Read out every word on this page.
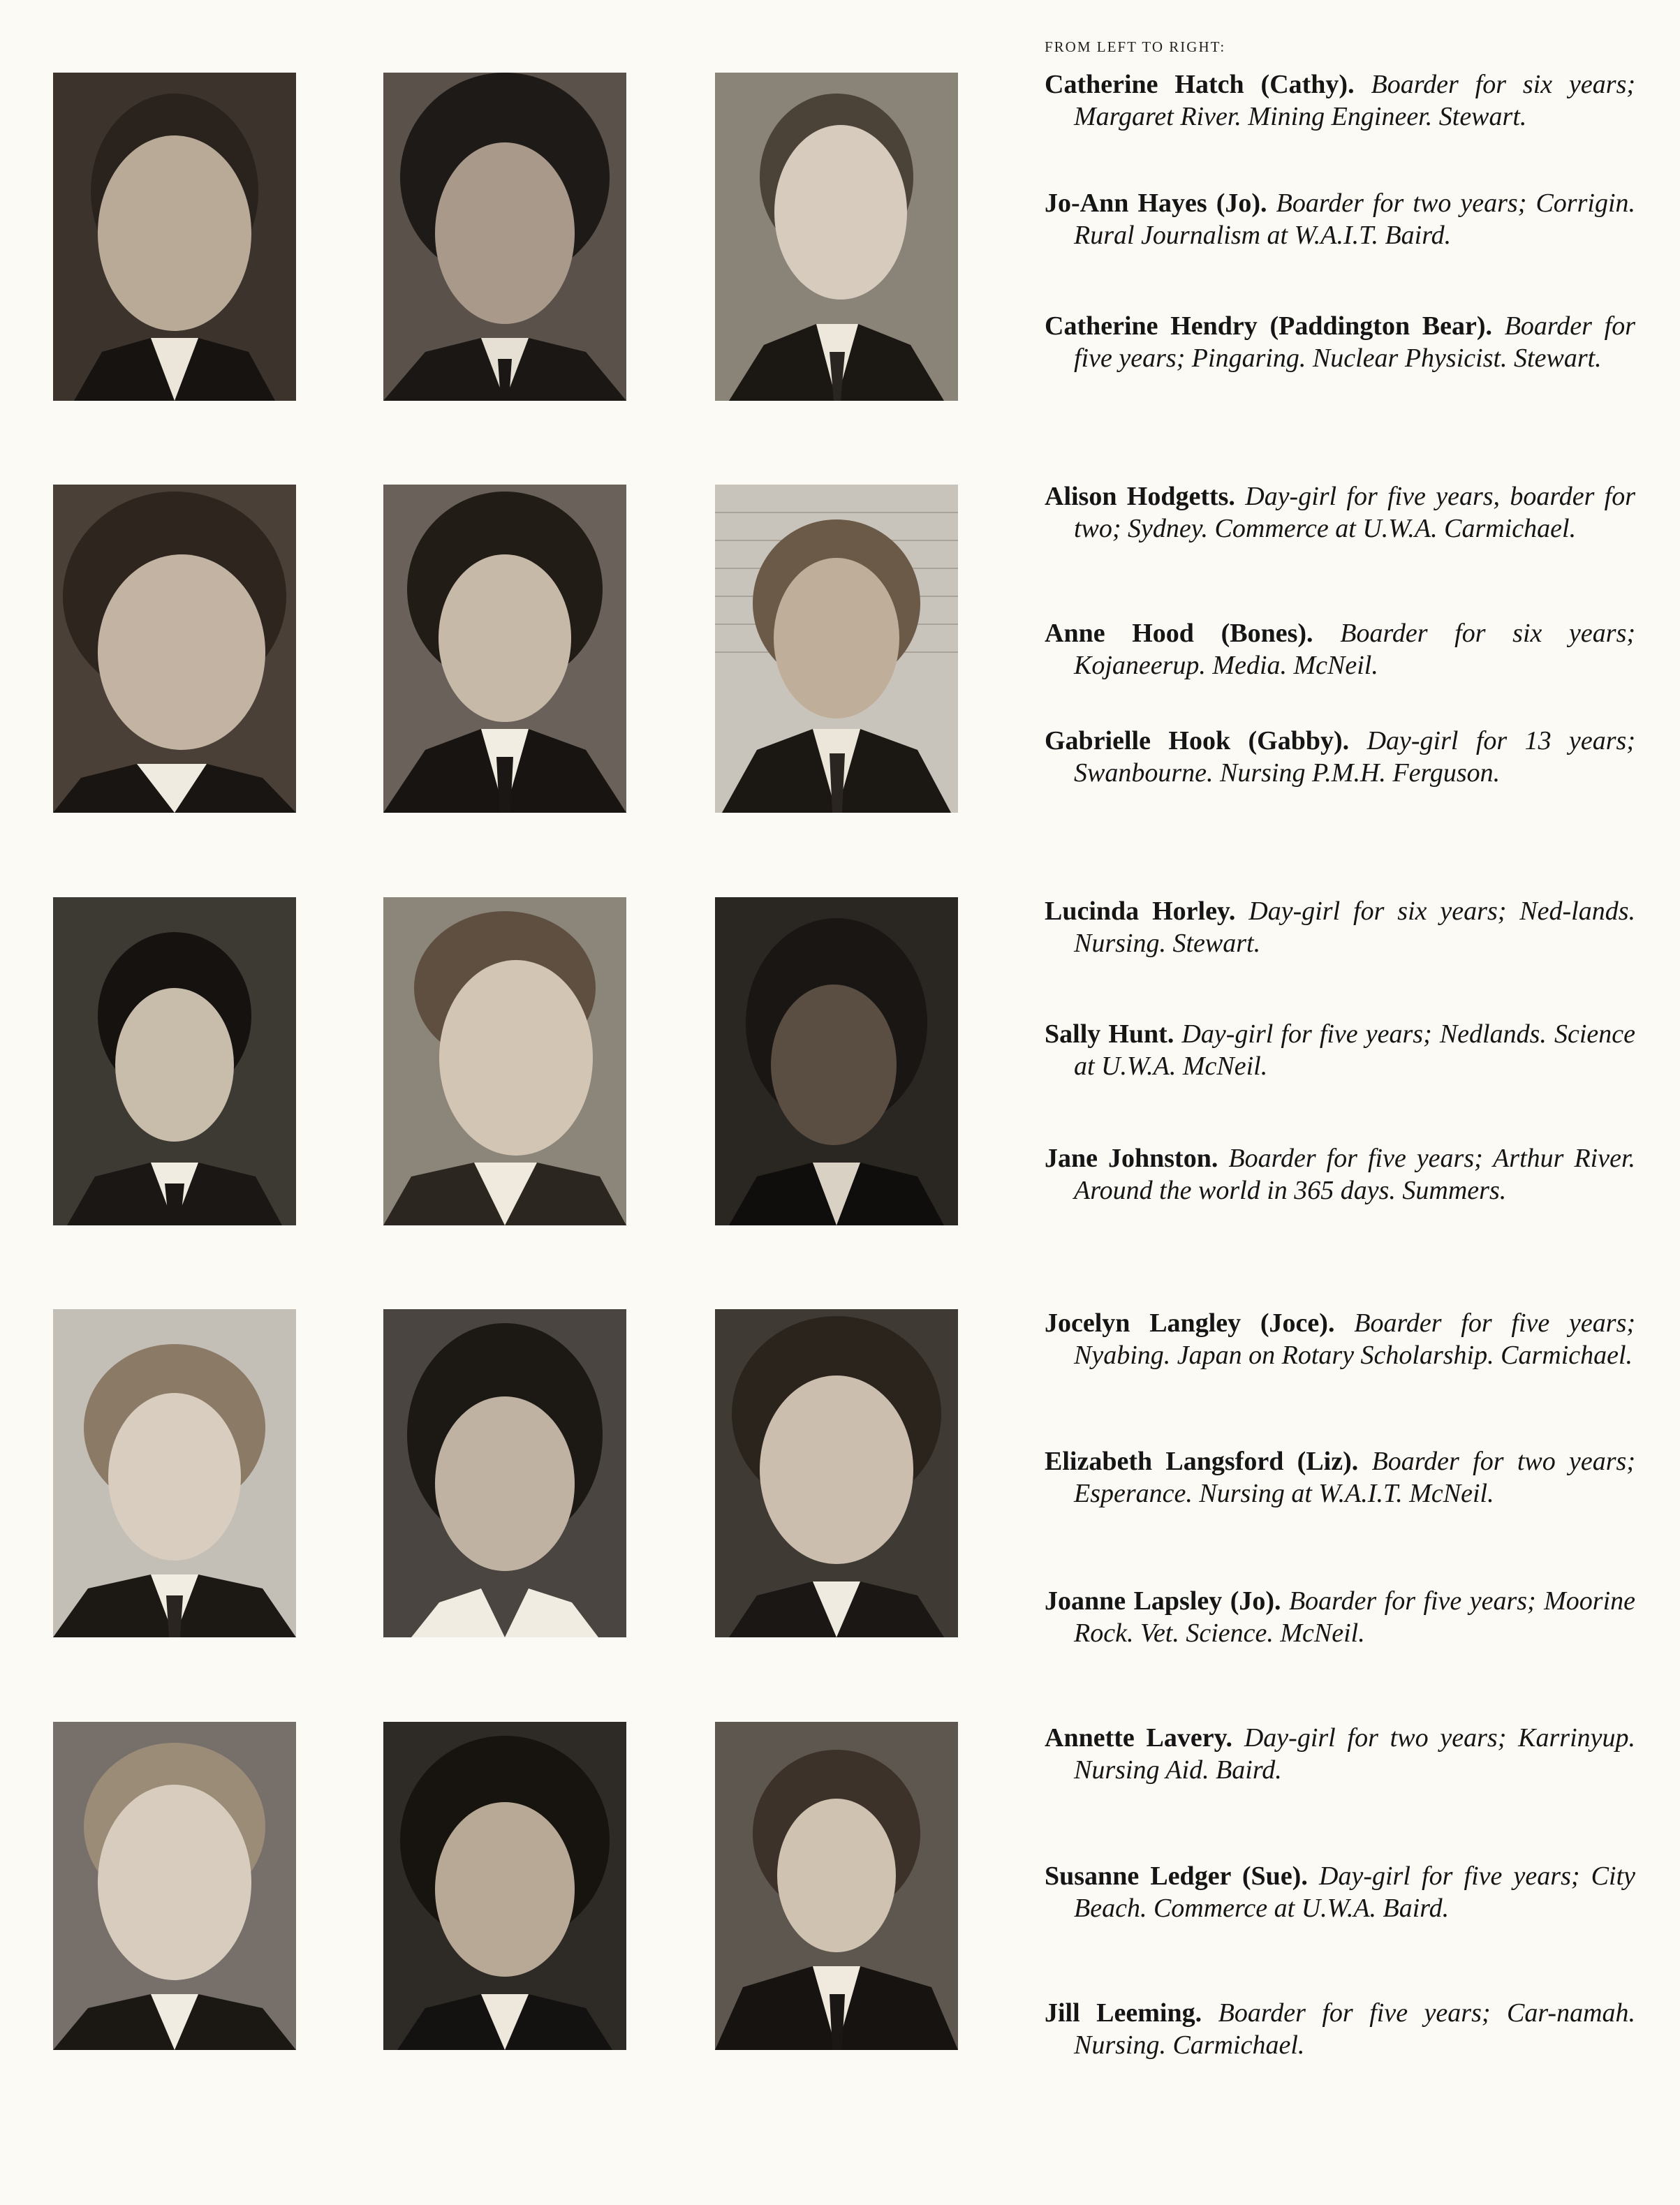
FROM LEFT TO RIGHT:
Catherine Hatch (Cathy). Boarder for six years; Margaret River. Mining Engineer. Stewart.
Jo-Ann Hayes (Jo). Boarder for two years; Corrigin. Rural Journalism at W.A.I.T. Baird.
Catherine Hendry (Paddington Bear). Boarder for five years; Pingaring. Nuclear Physicist. Stewart.
Alison Hodgetts. Day-girl for five years, boarder for two; Sydney. Commerce at U.W.A. Carmichael.
Anne Hood (Bones). Boarder for six years; Kojaneerup. Media. McNeil.
Gabrielle Hook (Gabby). Day-girl for 13 years; Swanbourne. Nursing P.M.H. Ferguson.
Lucinda Horley. Day-girl for six years; Ned-lands. Nursing. Stewart.
Sally Hunt. Day-girl for five years; Nedlands. Science at U.W.A. McNeil.
Jane Johnston. Boarder for five years; Arthur River. Around the world in 365 days. Summers.
Jocelyn Langley (Joce). Boarder for five years; Nyabing. Japan on Rotary Scholarship. Carmichael.
Elizabeth Langsford (Liz). Boarder for two years; Esperance. Nursing at W.A.I.T. McNeil.
Joanne Lapsley (Jo). Boarder for five years; Moorine Rock. Vet. Science. McNeil.
Annette Lavery. Day-girl for two years; Karrinyup. Nursing Aid. Baird.
Susanne Ledger (Sue). Day-girl for five years; City Beach. Commerce at U.W.A. Baird.
Jill Leeming. Boarder for five years; Car-namah. Nursing. Carmichael.
